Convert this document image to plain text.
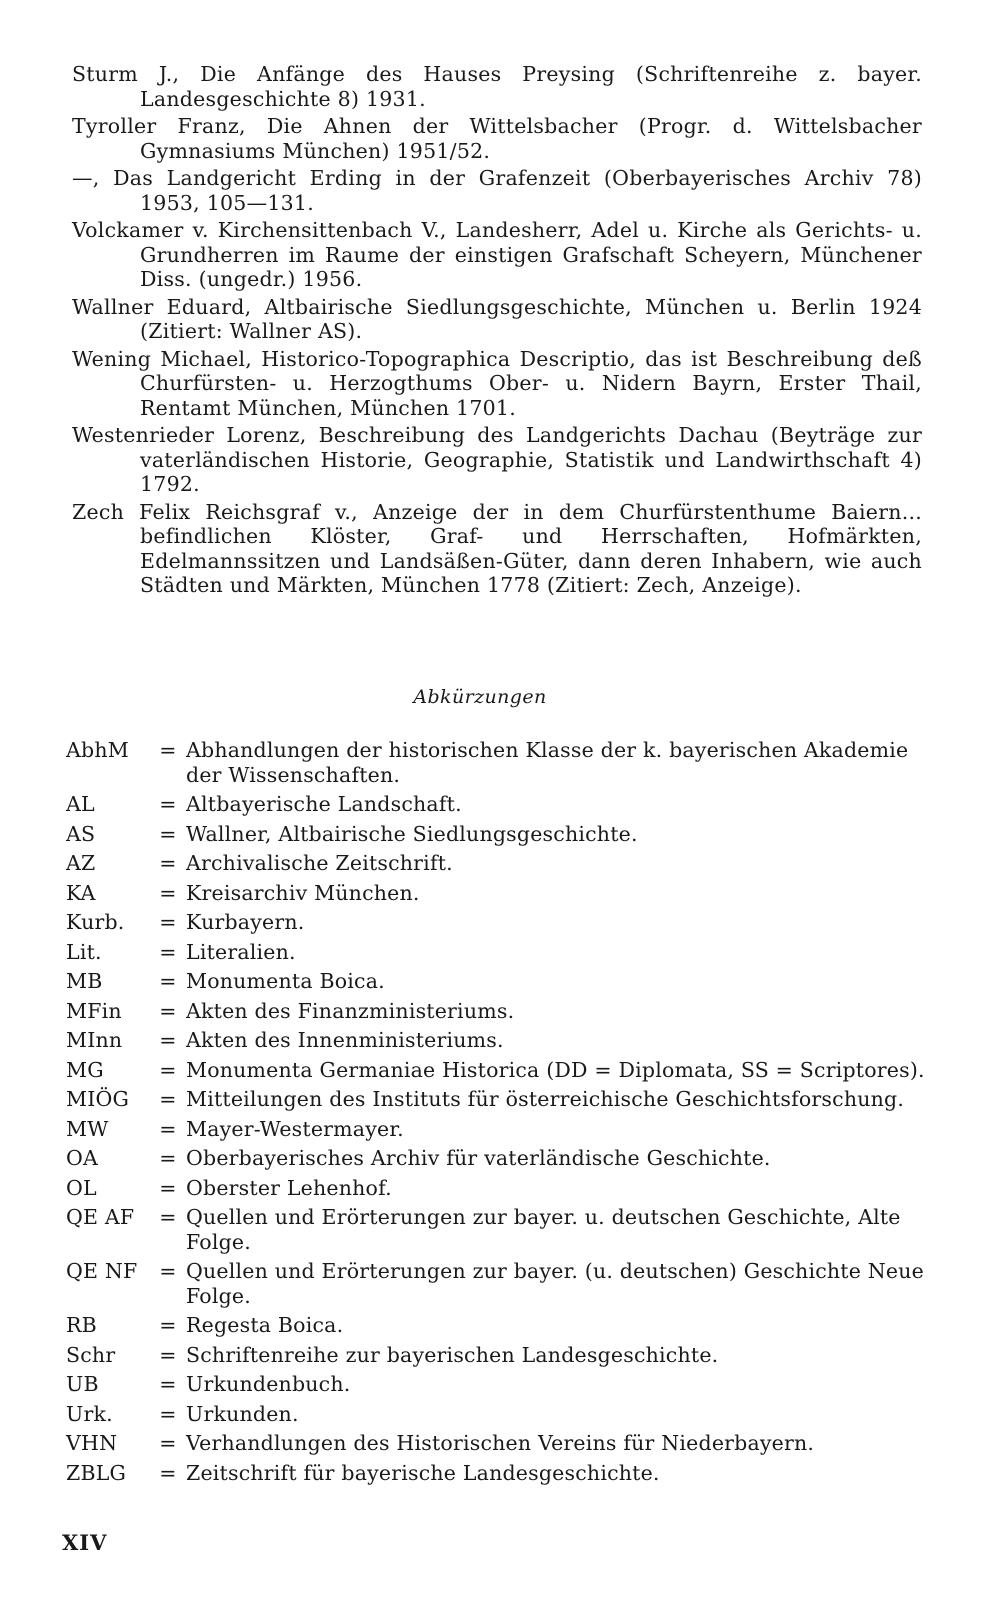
Sturm J., Die Anfänge des Hauses Preysing (Schriftenreihe z. bayer. Landesgeschichte 8) 1931.

Tyroller Franz, Die Ahnen der Wittelsbacher (Progr. d. Wittelsbacher Gymnasiums München) 1951/52.

—, Das Landgericht Erding in der Grafenzeit (Oberbayerisches Archiv 78) 1953, 105—131.

Volckamer v. Kirchensittenbach V., Landesherr, Adel u. Kirche als Gerichts- u. Grundherren im Raume der einstigen Grafschaft Scheyern, Münchener Diss. (ungedr.) 1956.

Wallner Eduard, Altbairische Siedlungsgeschichte, München u. Berlin 1924 (Zitiert: Wallner AS).

Wening Michael, Historico-Topographica Descriptio, das ist Beschreibung deß Churfürsten- u. Herzogthums Ober- u. Nidern Bayrn, Erster Thail, Rentamt München, München 1701.

Westenrieder Lorenz, Beschreibung des Landgerichts Dachau (Beyträge zur vaterländischen Historie, Geographie, Statistik und Landwirthschaft 4) 1792.

Zech Felix Reichsgraf v., Anzeige der in dem Churfürstenthume Baiern... befindlichen Klöster, Graf- und Herrschaften, Hofmärkten, Edelmannssitzen und Landsäßen-Güter, dann deren Inhabern, wie auch Städten und Märkten, München 1778 (Zitiert: Zech, Anzeige).

Abkürzungen
AbhM	= Abhandlungen der historischen Klasse der k. bayerischen Akademie der Wissenschaften.
AL	= Altbayerische Landschaft.
AS	= Wallner, Altbairische Siedlungsgeschichte.
AZ	= Archivalische Zeitschrift.
KA	= Kreisarchiv München.
Kurb.	= Kurbayern.
Lit.	= Literalien.
MB	= Monumenta Boica.
MFin	= Akten des Finanzministeriums.
MInn	= Akten des Innenministeriums.
MG	= Monumenta Germaniae Historica (DD = Diplomata, SS = Scriptores).
MIÖG	= Mitteilungen des Instituts für österreichische Geschichtsforschung.
MW	= Mayer-Westermayer.
OA	= Oberbayerisches Archiv für vaterländische Geschichte.
OL	= Oberster Lehenhof.
QE AF	= Quellen und Erörterungen zur bayer. u. deutschen Geschichte, Alte Folge.
QE NF	= Quellen und Erörterungen zur bayer. (u. deutschen) Geschichte Neue Folge.
RB	= Regesta Boica.
Schr	= Schriftenreihe zur bayerischen Landesgeschichte.
UB	= Urkundenbuch.
Urk.	= Urkunden.
VHN	= Verhandlungen des Historischen Vereins für Niederbayern.
ZBLG	= Zeitschrift für bayerische Landesgeschichte.
XIV
